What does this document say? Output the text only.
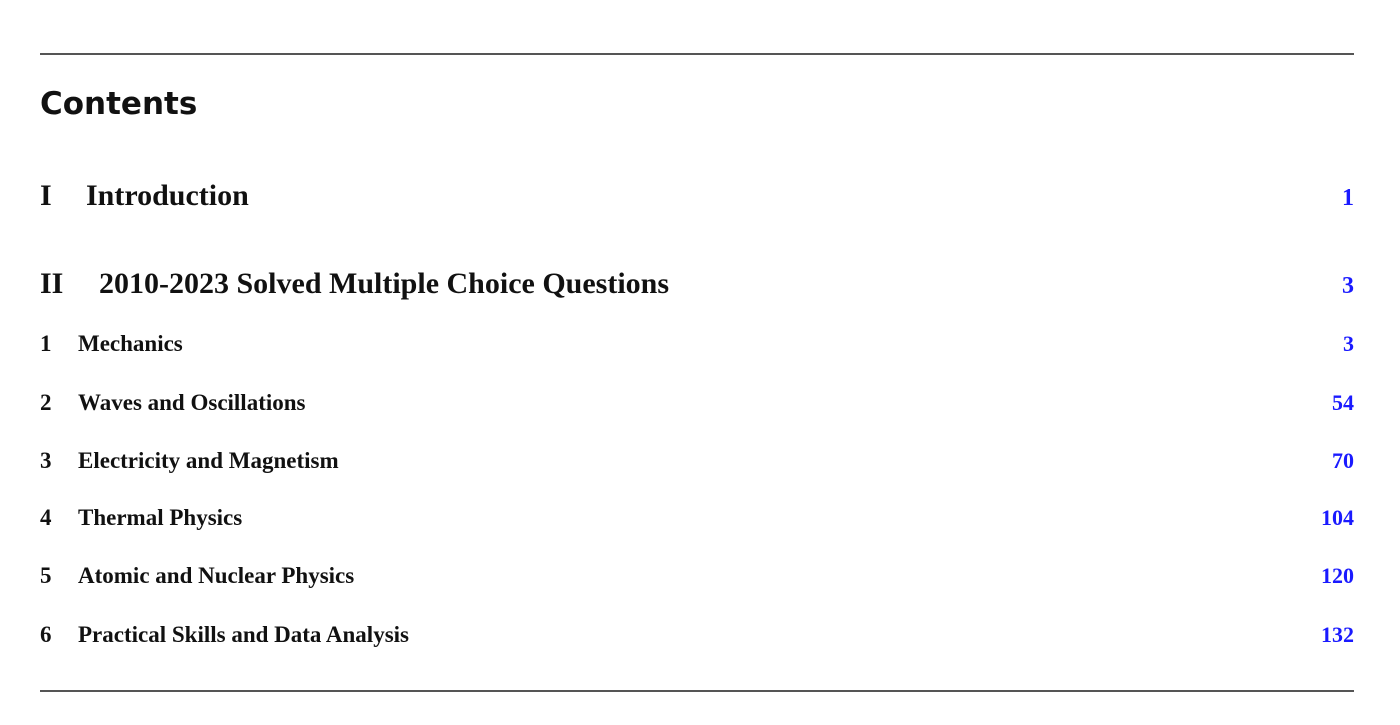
Contents
I	Introduction	1
II	2010-2023 Solved Multiple Choice Questions	3
1	Mechanics	3
2	Waves and Oscillations	54
3	Electricity and Magnetism	70
4	Thermal Physics	104
5	Atomic and Nuclear Physics	120
6	Practical Skills and Data Analysis	132
